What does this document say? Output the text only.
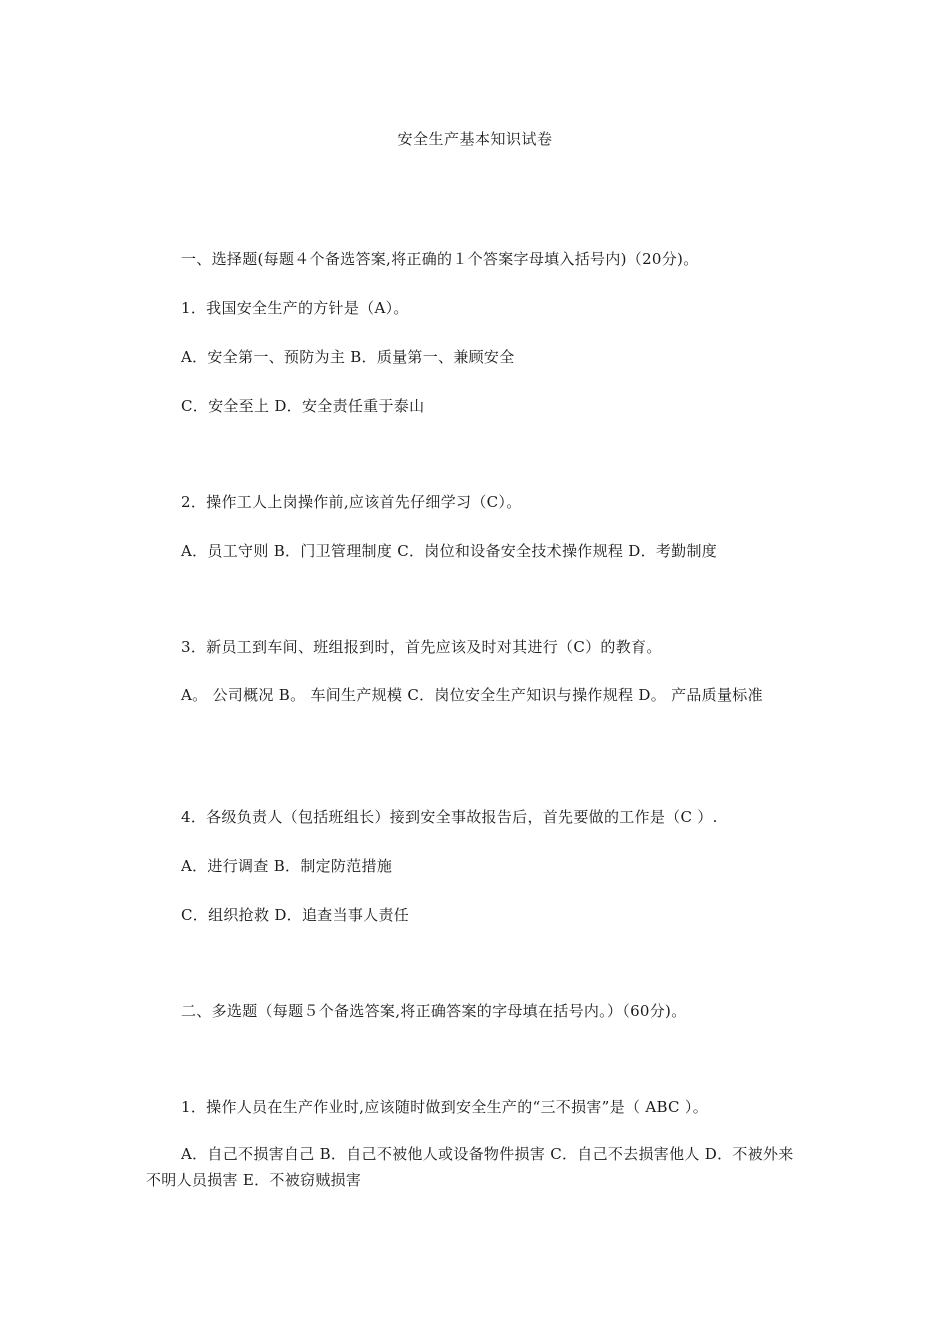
安全生产基本知识试卷
一、选择题(每题４个备选答案,将正确的１个答案字母填入括号内)（20分)。
1．我国安全生产的方针是（A）。
A．安全第一、预防为主 B．质量第一、兼顾安全
C．安全至上 D．安全责任重于泰山
2．操作工人上岗操作前,应该首先仔细学习（C）。
A．员工守则 B．门卫管理制度 C．岗位和设备安全技术操作规程 D．考勤制度
3．新员工到车间、班组报到时，首先应该及时对其进行（C）的教育。
A。 公司概况 B。 车间生产规模 C．岗位安全生产知识与操作规程 D。 产品质量标准
4．各级负责人（包括班组长）接到安全事故报告后，首先要做的工作是（C ）.
A．进行调查 B．制定防范措施
C．组织抢救 D．追查当事人责任
二、多选题（每题５个备选答案,将正确答案的字母填在括号内。）（60分)。
1．操作人员在生产作业时,应该随时做到安全生产的“三不损害”是（ ABC ）。
A．自己不损害自己 B．自己不被他人或设备物件损害 C．自己不去损害他人 D．不被外来不明人员损害 E．不被窃贼损害
